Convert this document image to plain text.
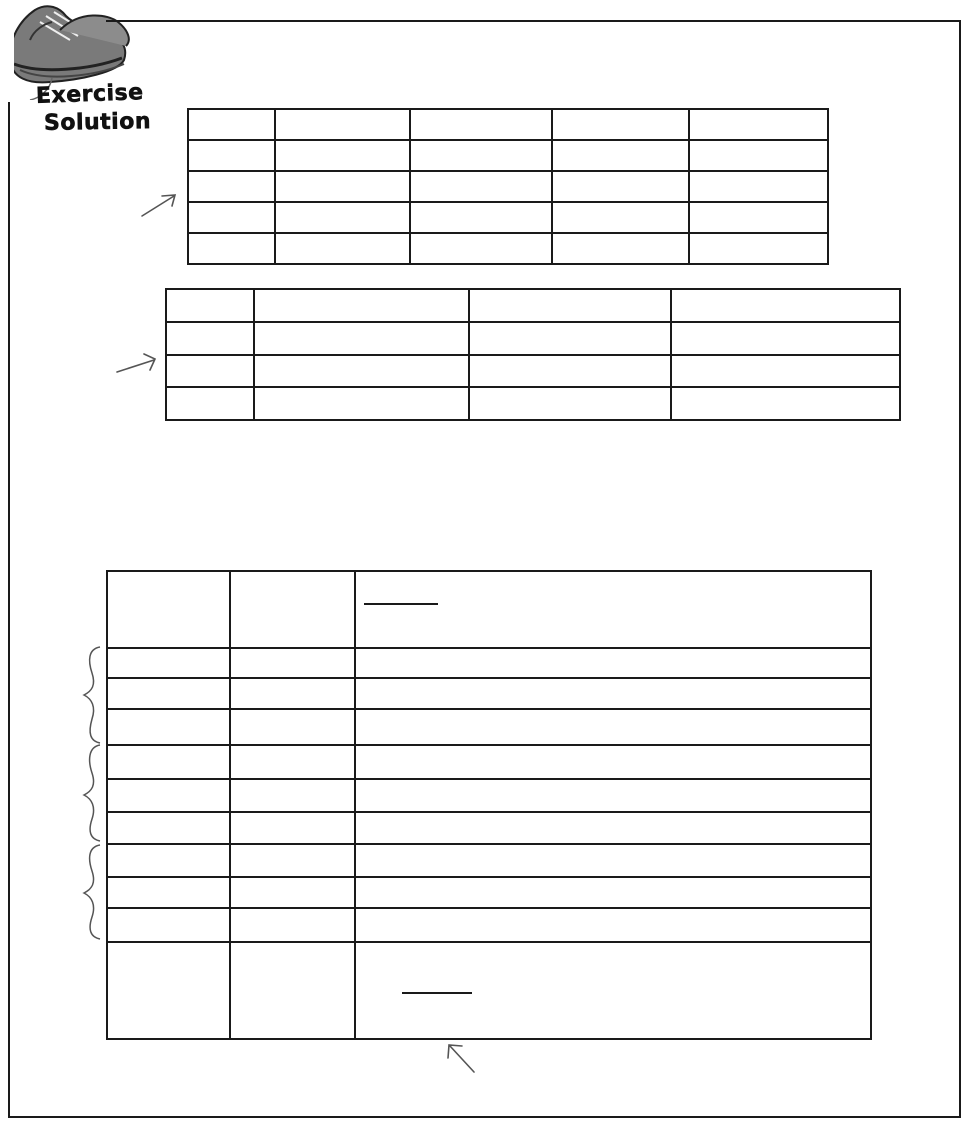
Exercise
Solution
